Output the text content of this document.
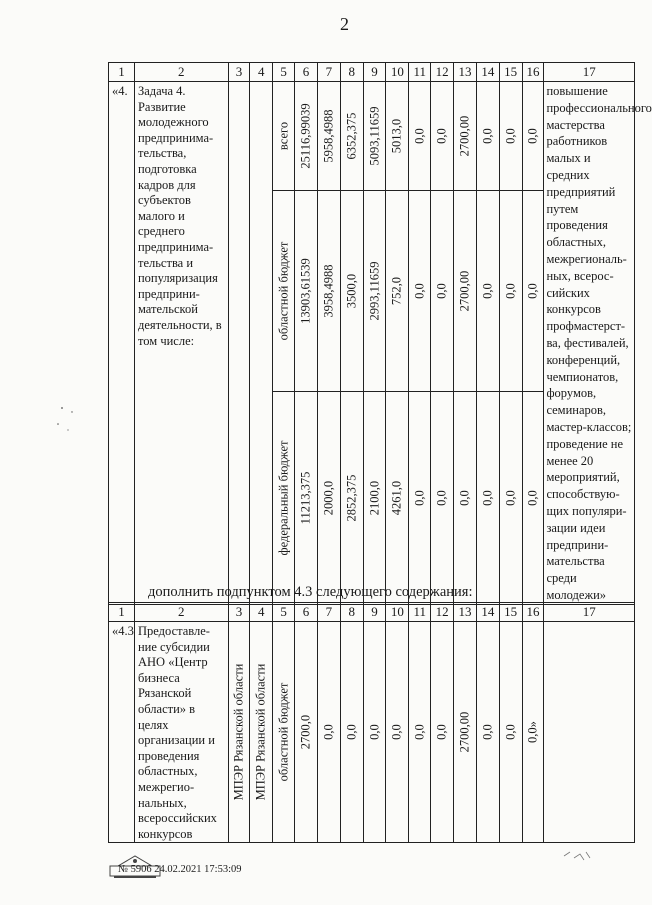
2
1	2	3	4	5	6	7	8	9	10	11	12	13	14	15	16	17

«4.	Задача 4. Развитие молодежного предпринима-тельства, подготовка кадров для субъектов малого и среднего предпринима-тельства и популяризация предприни-мательской деятельности, в том числе:			всего	25116,99039	5958,4988	6352,375	5093,11659	5013,0	0,0	0,0	2700,00	0,0	0,0	0,0	повышение профессионального мастерства работников малых и средних предприятий путем проведения областных, межрегиональ-ных, всерос-сийских конкурсов профмастерст-ва, фестивалей, конференций, чемпионатов, форумов, семинаров, мастер-классов; проведение не менее 20 мероприятий, способствую-щих популяри-зации идеи предприни-мательства среди молодежи»

				областной бюджет	13903,61539	3958,4988	3500,0	2993,11659	752,0	0,0	0,0	2700,00	0,0	0,0	0,0	

				федеральный бюджет	11213,375	2000,0	2852,375	2100,0	4261,0	0,0	0,0	0,0	0,0	0,0	0,0	
дополнить подпунктом 4.3 следующего содержания:
1	2	3	4	5	6	7	8	9	10	11	12	13	14	15	16	17

«4.3	Предоставле-ние субсидии АНО «Центр бизнеса Рязанской области» в целях организации и проведения областных, межрегио-нальных, всероссийских конкурсов	МПЭР Рязанской области	МПЭР Рязанской области	областной бюджет	2700,0	0,0	0,0	0,0	0,0	0,0	0,0	2700,00	0,0	0,0	0,0»	

№ 5906 24.02.2021 17:53:09
